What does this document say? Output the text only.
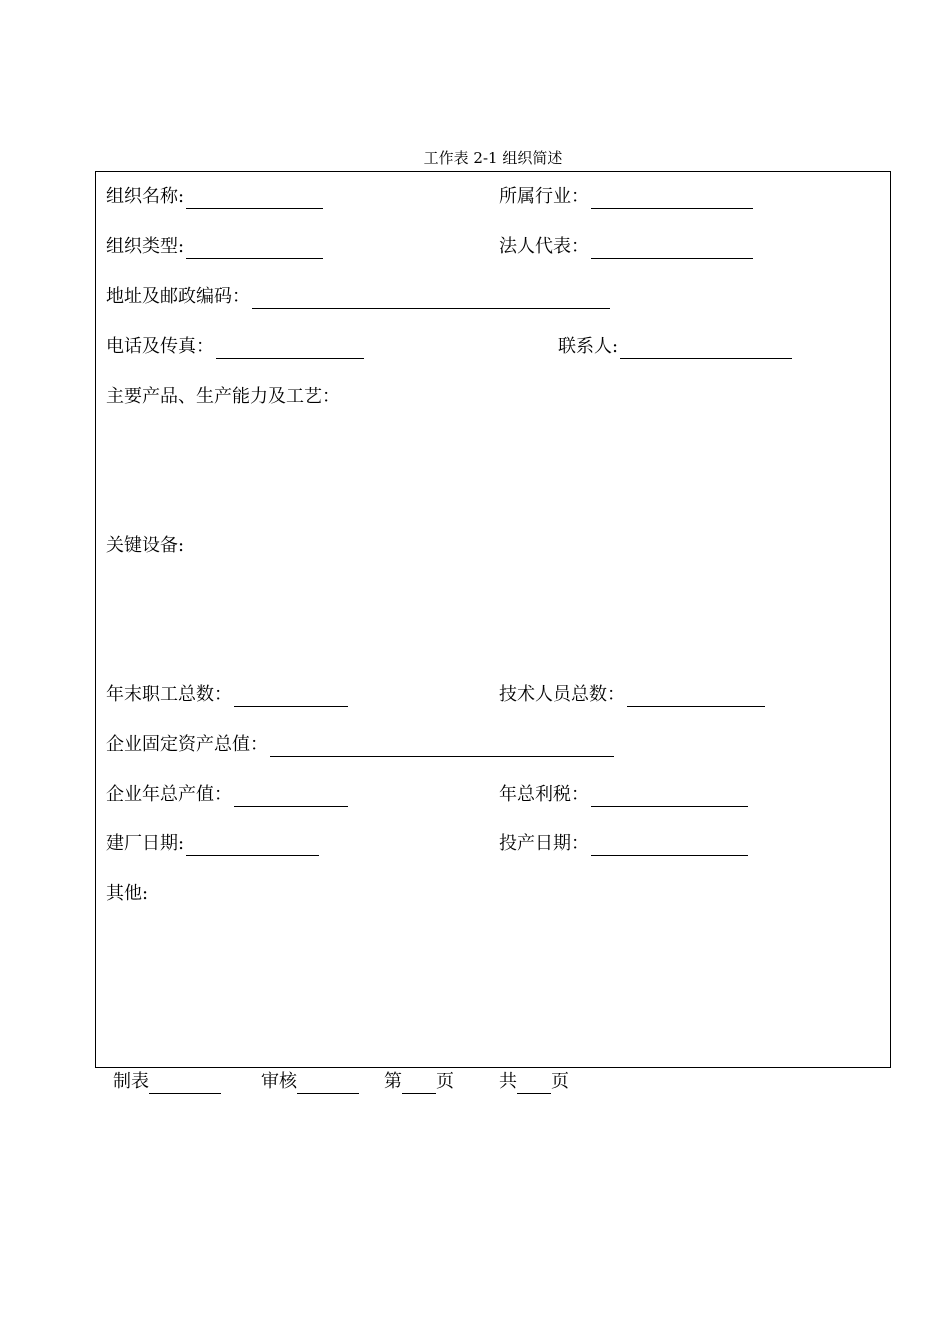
工作表 2-1 组织简述
组织名称:	所属行业：
组织类型:	法人代表：
地址及邮政编码：
电话及传真：	联系人:
主要产品、生产能力及工艺：
关键设备:
年末职工总数：	技术人员总数：
企业固定资产总值：
企业年总产值：	年总利税：
建厂日期:	投产日期：
其他:
制表	审核	第 页	共 页
